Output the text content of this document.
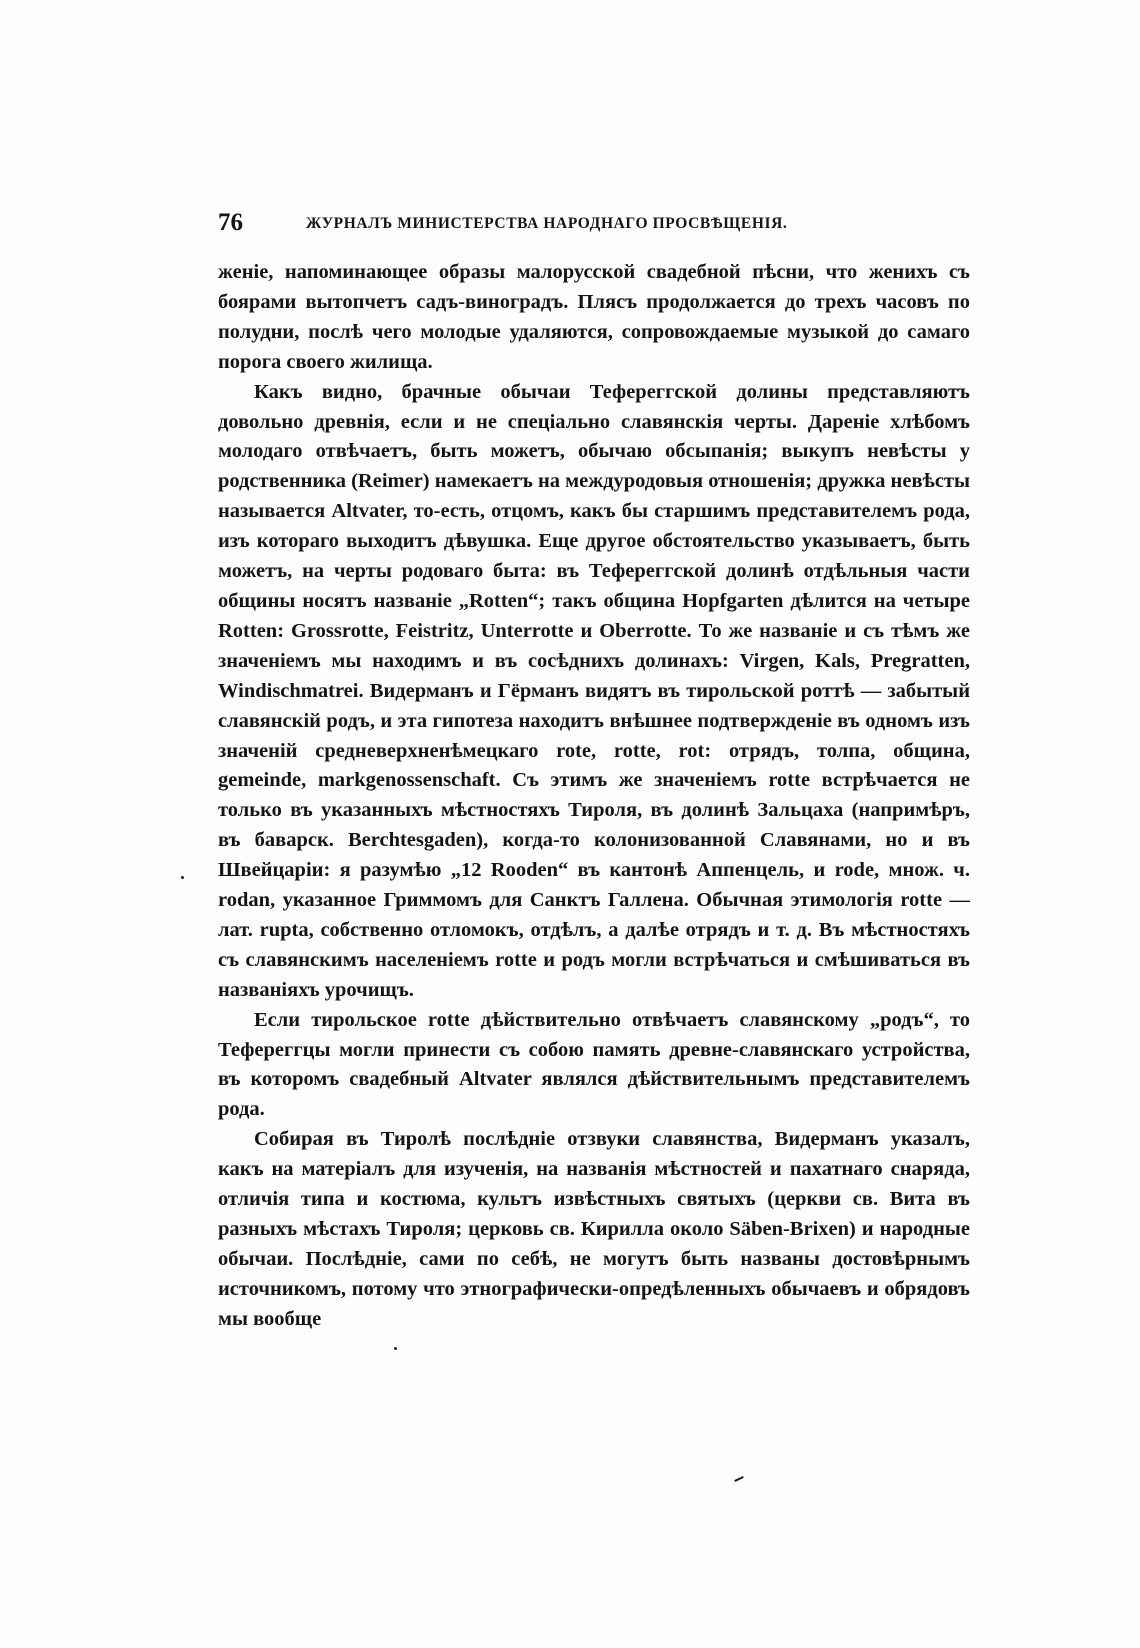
76	ЖУРНАЛЪ МИНИСТЕРСТВА НАРОДНАГО ПРОСВѢЩЕНІЯ.

женіе, напоминающее образы малорусской свадебной пѣсни, что женихъ съ боярами вытопчетъ садъ-виноградъ. Плясъ продолжается до трехъ часовъ по полудни, послѣ чего молодые удаляются, сопровождаемые музыкой до самаго порога своего жилища.

Какъ видно, брачные обычаи Тефереггской долины представляютъ довольно древнія, если и не спеціально славянскія черты. Дареніе хлѣбомъ молодаго отвѣчаетъ, быть можетъ, обычаю обсыпанія; выкупъ невѣсты у родственника (Reimer) намекаетъ на междуродовыя отношенія; дружка невѣсты называется Altvater, то-есть, отцомъ, какъ бы старшимъ представителемъ рода, изъ котораго выходитъ дѣвушка. Еще другое обстоятельство указываетъ, быть можетъ, на черты родоваго быта: въ Тефереггской долинѣ отдѣльныя части общины носятъ названіе „Rotten“; такъ община Hopfgarten дѣлится на четыре Rotten: Grossrotte, Feistritz, Unterrotte и Oberrotte. То же названіе и съ тѣмъ же значеніемъ мы находимъ и въ сосѣднихъ долинахъ: Virgen, Kals, Pregratten, Windischmatrei. Видерманъ и Гёрманъ видятъ въ тирольской роттѣ — забытый славянскій родъ, и эта гипотеза находитъ внѣшнее подтвержденіе въ одномъ изъ значеній средневерхненѣмецкаго rote, rotte, rot: отрядъ, толпа, община, gemeinde, markgenossenschaft. Съ этимъ же значеніемъ rotte встрѣчается не только въ указанныхъ мѣстностяхъ Тироля, въ долинѣ Зальцаха (напримѣръ, въ баварск. Berchtesgaden), когда-то колонизованной Славянами, но и въ Швейцаріи: я разумѣю „12 Rooden“ въ кантонѣ Аппенцель, и rode, множ. ч. rodan, указанное Гриммомъ для Санктъ Галлена. Обычная этимологія rotte — лат. rupta, собственно отломокъ, отдѣлъ, а далѣе отрядъ и т. д. Въ мѣстностяхъ съ славянскимъ населеніемъ rotte и родъ могли встрѣчаться и смѣшиваться въ названіяхъ урочищъ.

Если тирольское rotte дѣйствительно отвѣчаетъ славянскому „родъ“, то Тефереггцы могли принести съ собою память древне-славянскаго устройства, въ которомъ свадебный Altvater являлся дѣйствительнымъ представителемъ рода.

Собирая въ Тиролѣ послѣдніе отзвуки славянства, Видерманъ указалъ, какъ на матеріалъ для изученія, на названія мѣстностей и пахатнаго снаряда, отличія типа и костюма, культъ извѣстныхъ святыхъ (церкви св. Вита въ разныхъ мѣстахъ Тироля; церковь св. Кирилла около Säben-Brixen) и народные обычаи. Послѣдніе, сами по себѣ, не могутъ быть названы достовѣрнымъ источникомъ, потому что этнографически-опредѣленныхъ обычаевъ и обрядовъ мы вообще
